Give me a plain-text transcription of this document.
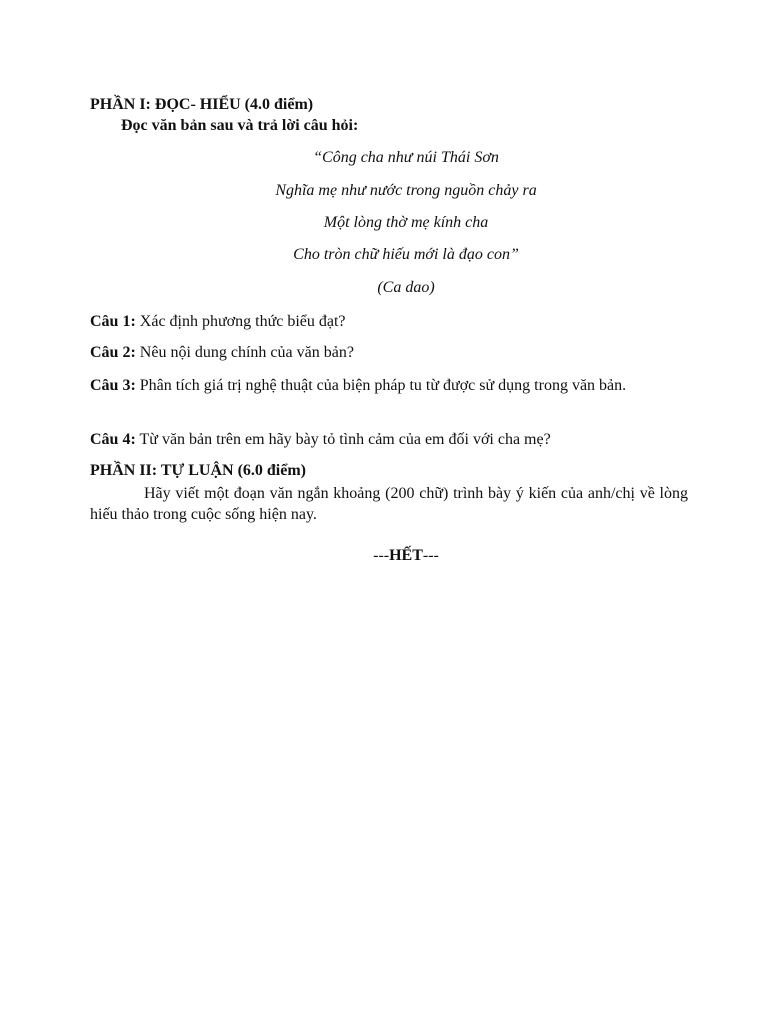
PHẦN I: ĐỌC- HIỂU (4.0 điểm)
Đọc văn bản sau và trả lời câu hỏi:
“Công cha như núi Thái Sơn
Nghĩa mẹ như nước trong nguồn chảy ra
Một lòng thờ mẹ kính cha
Cho tròn chữ hiếu mới là đạo con”
(Ca dao)
Câu 1: Xác định phương thức biểu đạt?
Câu 2: Nêu nội dung chính của văn bản?
Câu 3: Phân tích giá trị nghệ thuật của biện pháp tu từ được sử dụng trong văn bản.
Câu 4: Từ văn bản trên em hãy bày tỏ tình cảm của em đối với cha mẹ?
PHẦN II: TỰ LUẬN (6.0 điểm)
Hãy viết một đoạn văn ngắn khoảng (200 chữ) trình bày ý kiến của anh/chị về lòng hiếu thảo trong cuộc sống hiện nay.
---HẾT---
